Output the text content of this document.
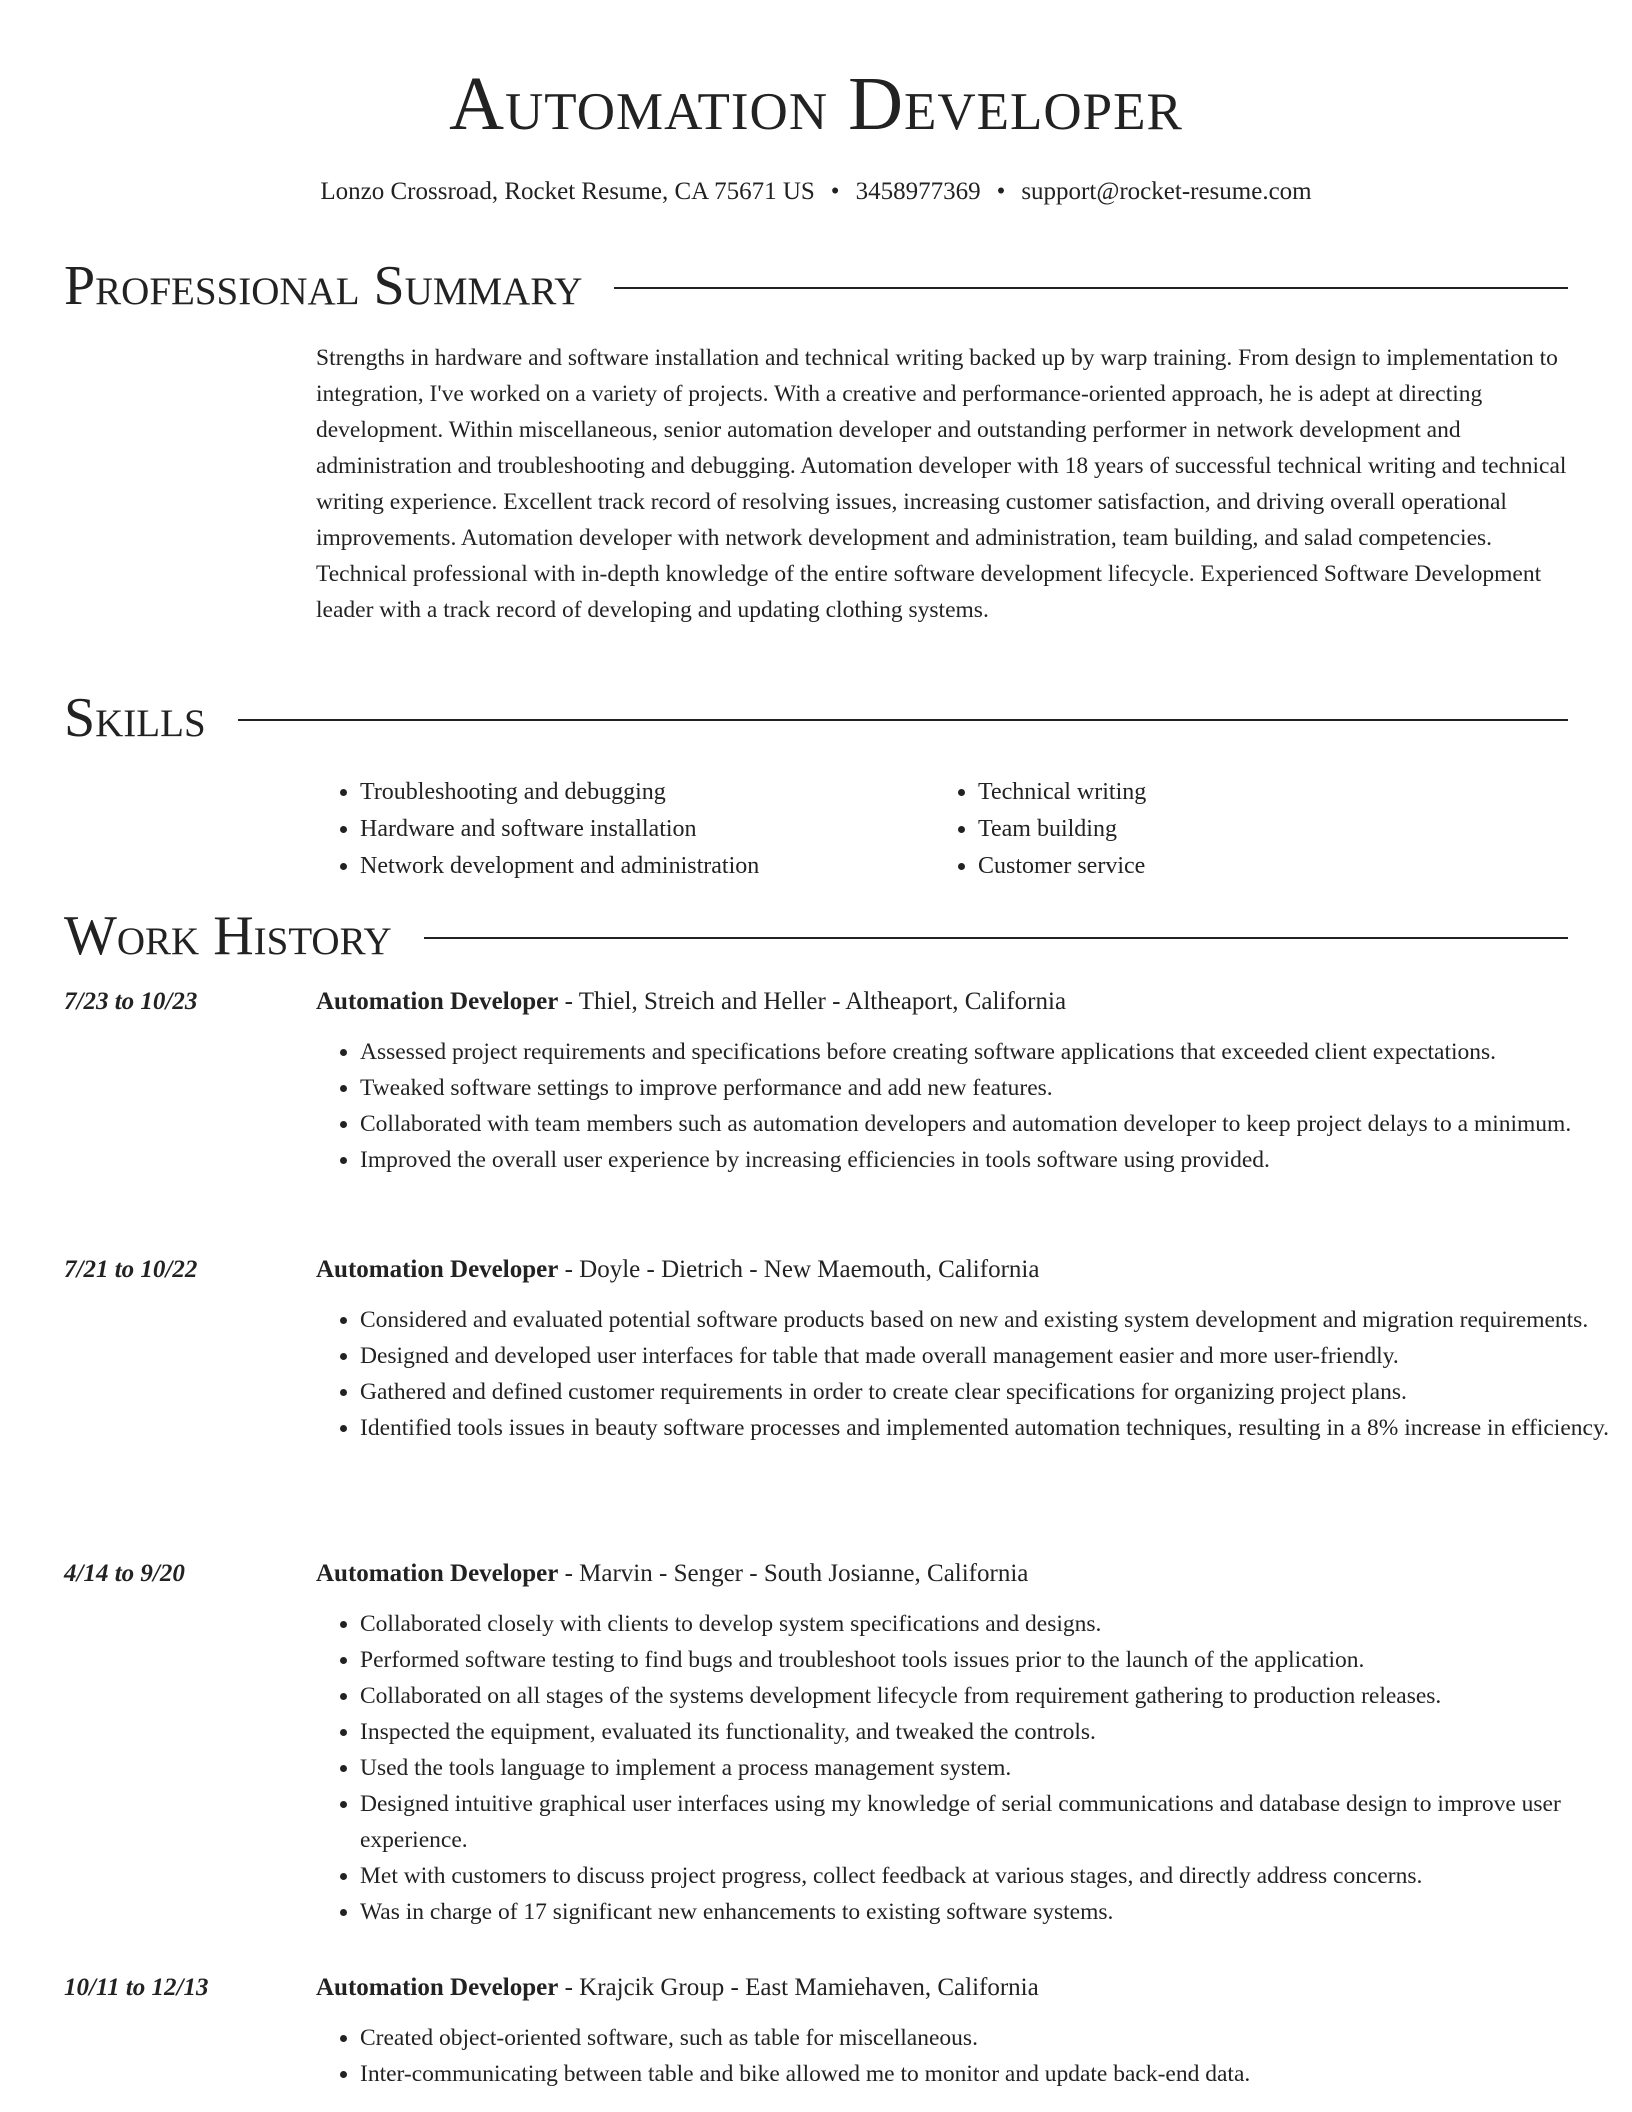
Automation Developer
Lonzo Crossroad, Rocket Resume, CA 75671 US • 3458977369 • support@rocket-resume.com
Professional Summary

Strengths in hardware and software installation and technical writing backed up by warp training. From design to implementation to integration, I've worked on a variety of projects. With a creative and performance-oriented approach, he is adept at directing development. Within miscellaneous, senior automation developer and outstanding performer in network development and administration and troubleshooting and debugging. Automation developer with 18 years of successful technical writing and technical writing experience. Excellent track record of resolving issues, increasing customer satisfaction, and driving overall operational improvements. Automation developer with network development and administration, team building, and salad competencies. Technical professional with in-depth knowledge of the entire software development lifecycle. Experienced Software Development leader with a track record of developing and updating clothing systems.

Skills
• Troubleshooting and debugging
• Hardware and software installation
• Network development and administration
• Technical writing
• Team building
• Customer service
Work History
7/23 to 10/23	Automation Developer - Thiel, Streich and Heller - Altheaport, California
• Assessed project requirements and specifications before creating software applications that exceeded client expectations.
• Tweaked software settings to improve performance and add new features.
• Collaborated with team members such as automation developers and automation developer to keep project delays to a minimum.
• Improved the overall user experience by increasing efficiencies in tools software using provided.
7/21 to 10/22	Automation Developer - Doyle - Dietrich - New Maemouth, California
• Considered and evaluated potential software products based on new and existing system development and migration requirements.
• Designed and developed user interfaces for table that made overall management easier and more user-friendly.
• Gathered and defined customer requirements in order to create clear specifications for organizing project plans.
• Identified tools issues in beauty software processes and implemented automation techniques, resulting in a 8% increase in efficiency.
4/14 to 9/20	Automation Developer - Marvin - Senger - South Josianne, California
• Collaborated closely with clients to develop system specifications and designs.
• Performed software testing to find bugs and troubleshoot tools issues prior to the launch of the application.
• Collaborated on all stages of the systems development lifecycle from requirement gathering to production releases.
• Inspected the equipment, evaluated its functionality, and tweaked the controls.
• Used the tools language to implement a process management system.
• Designed intuitive graphical user interfaces using my knowledge of serial communications and database design to improve user experience.
• Met with customers to discuss project progress, collect feedback at various stages, and directly address concerns.
• Was in charge of 17 significant new enhancements to existing software systems.
10/11 to 12/13	Automation Developer - Krajcik Group - East Mamiehaven, California
• Created object-oriented software, such as table for miscellaneous.
• Inter-communicating between table and bike allowed me to monitor and update back-end data.
